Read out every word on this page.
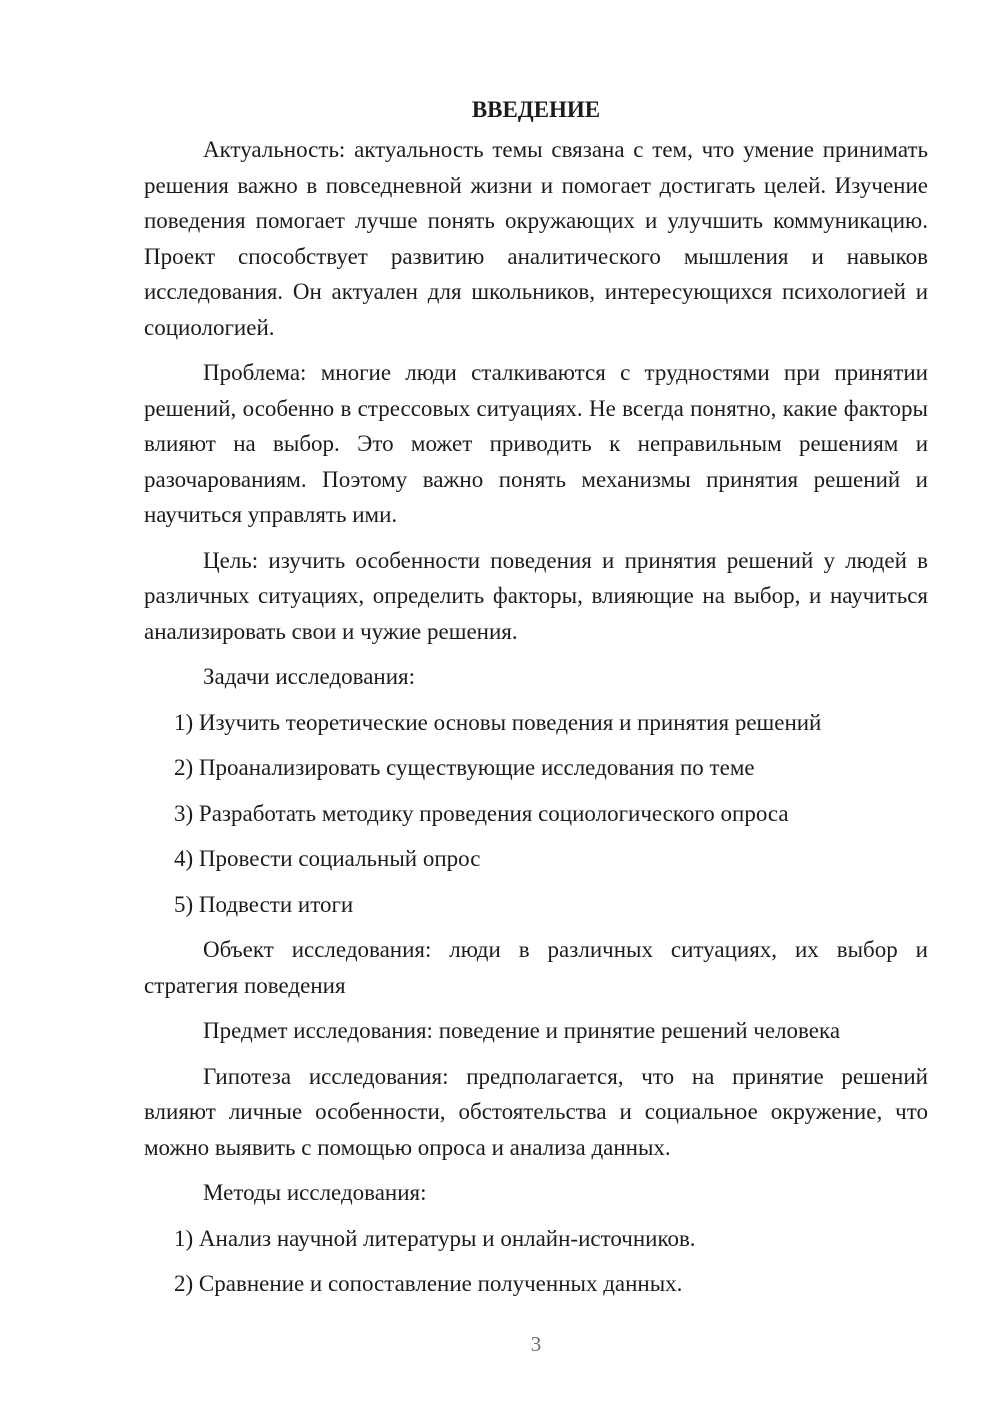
ВВЕДЕНИЕ

Актуальность: актуальность темы связана с тем, что умение принимать решения важно в повседневной жизни и помогает достигать целей. Изучение поведения помогает лучше понять окружающих и улучшить коммуникацию. Проект способствует развитию аналитического мышления и навыков исследования. Он актуален для школьников, интересующихся психологией и социологией.

Проблема: многие люди сталкиваются с трудностями при принятии решений, особенно в стрессовых ситуациях. Не всегда понятно, какие факторы влияют на выбор. Это может приводить к неправильным решениям и разочарованиям. Поэтому важно понять механизмы принятия решений и научиться управлять ими.

Цель: изучить особенности поведения и принятия решений у людей в различных ситуациях, определить факторы, влияющие на выбор, и научиться анализировать свои и чужие решения.

Задачи исследования:

1) Изучить теоретические основы поведения и принятия решений
2) Проанализировать существующие исследования по теме
3) Разработать методику проведения социологического опроса
4) Провести социальный опрос
5) Подвести итоги

Объект исследования: люди в различных ситуациях, их выбор и стратегия поведения

Предмет исследования: поведение и принятие решений человека

Гипотеза исследования: предполагается, что на принятие решений влияют личные особенности, обстоятельства и социальное окружение, что можно выявить с помощью опроса и анализа данных.

Методы исследования:

1) Анализ научной литературы и онлайн-источников.
2) Сравнение и сопоставление полученных данных.
3
